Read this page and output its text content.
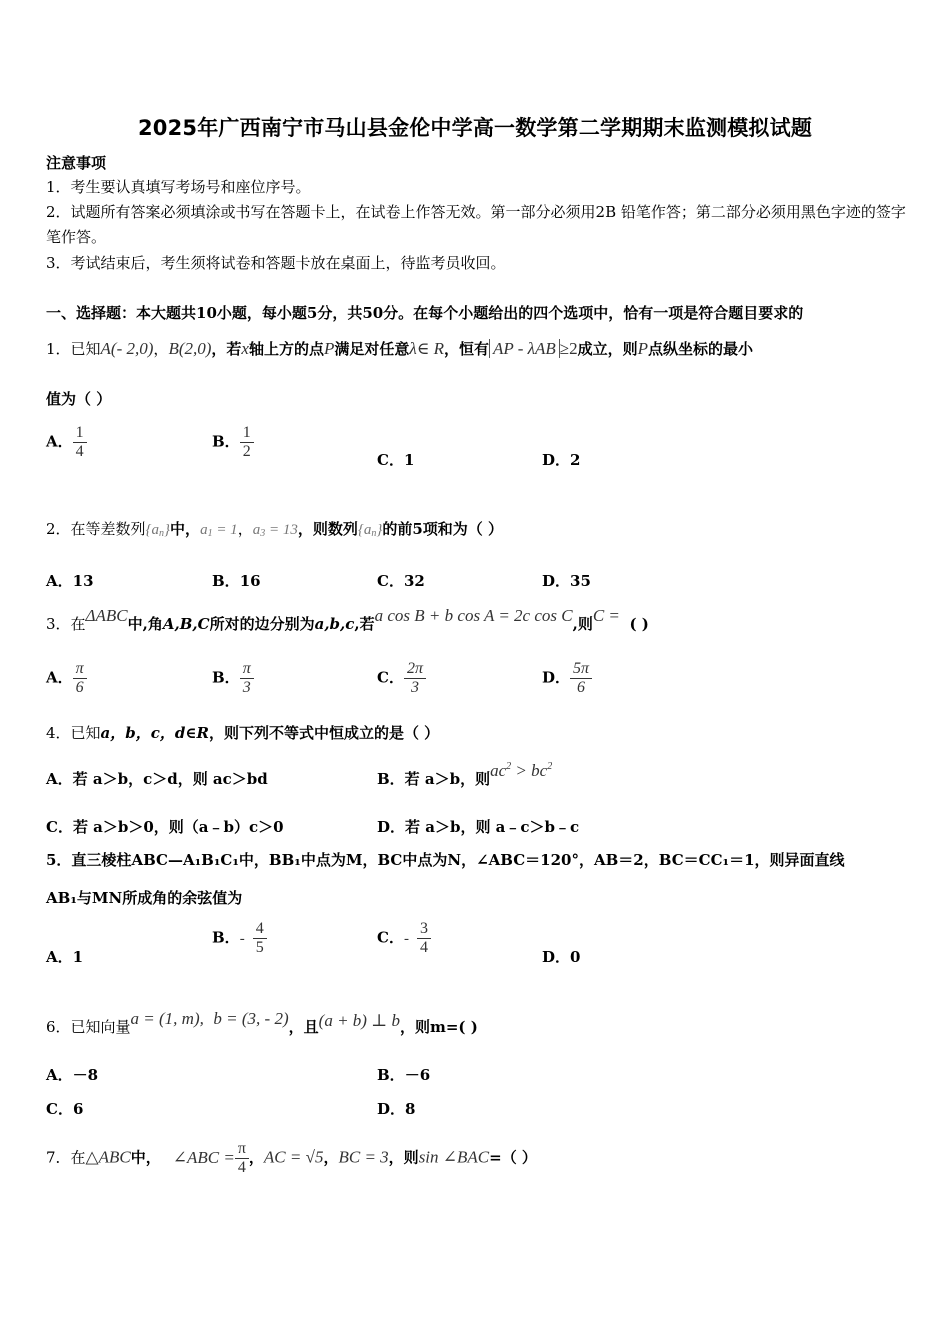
2025年广西南宁市马山县金伦中学高一数学第二学期期末监测模拟试题
注意事项
1．考生要认真填写考场号和座位序号。
2．试题所有答案必须填涂或书写在答题卡上，在试卷上作答无效。第一部分必须用2B 铅笔作答；第二部分必须用黑色字迹的签字笔作答。
3．考试结束后，考生须将试卷和答题卡放在桌面上，待监考员收回。
一、选择题：本大题共10小题，每小题5分，共50分。在每个小题给出的四个选项中，恰有一项是符合题目要求的
1．已知A(- 2,0)，B(2,0)，若x轴上方的点P满足对任意λ∈ R，恒有 AP - λAB ≥2成立，则P点纵坐标的最小
值为（ ）
A． $\frac{1}{4}$	B． $\frac{1}{2}$	C．1	D．2
2．在等差数列$\{a_n\}$中，$a_1 = 1$，$a_3 = 13$，则数列$\{a_n\}$的前5项和为（ ）
A．13	B．16	C．32	D．35
3．在ΔABC中,角A,B,C所对的边分别为a,b,c,若a cos B + b cos A = 2c cos C,则C = ( )
A． $\frac{\pi}{6}$	B． $\frac{\pi}{3}$	C． $\frac{2\pi}{3}$	D． $\frac{5\pi}{6}$
4．已知a，b，c，d∈R，则下列不等式中恒成立的是（ ）
A．若 a＞b，c＞d，则 ac＞bd	B．若 a＞b，则$ac^2 > bc^2$
C．若 a＞b＞0，则（a﹣b）c＞0	D．若 a＞b，则 a﹣c＞b﹣c
5．直三棱柱ABC—A₁B₁C₁中，BB₁中点为M，BC中点为N，∠ABC＝120°，AB＝2，BC＝CC₁＝1，则异面直线
AB₁与MN所成角的余弦值为
A．1
B．- $\frac{4}{5}$	C．- $\frac{3}{4}$	D．0
6．已知向量a = (1, m), b = (3, - 2)，且(a + b) ⊥ b，则m=( )
A．－8	B．－6
C．6	D．8
7．在△ABC中， ∠ABC = $\frac{\pi}{4}$ ，AC = √5，BC = 3，则sin ∠BAC=（ ）
